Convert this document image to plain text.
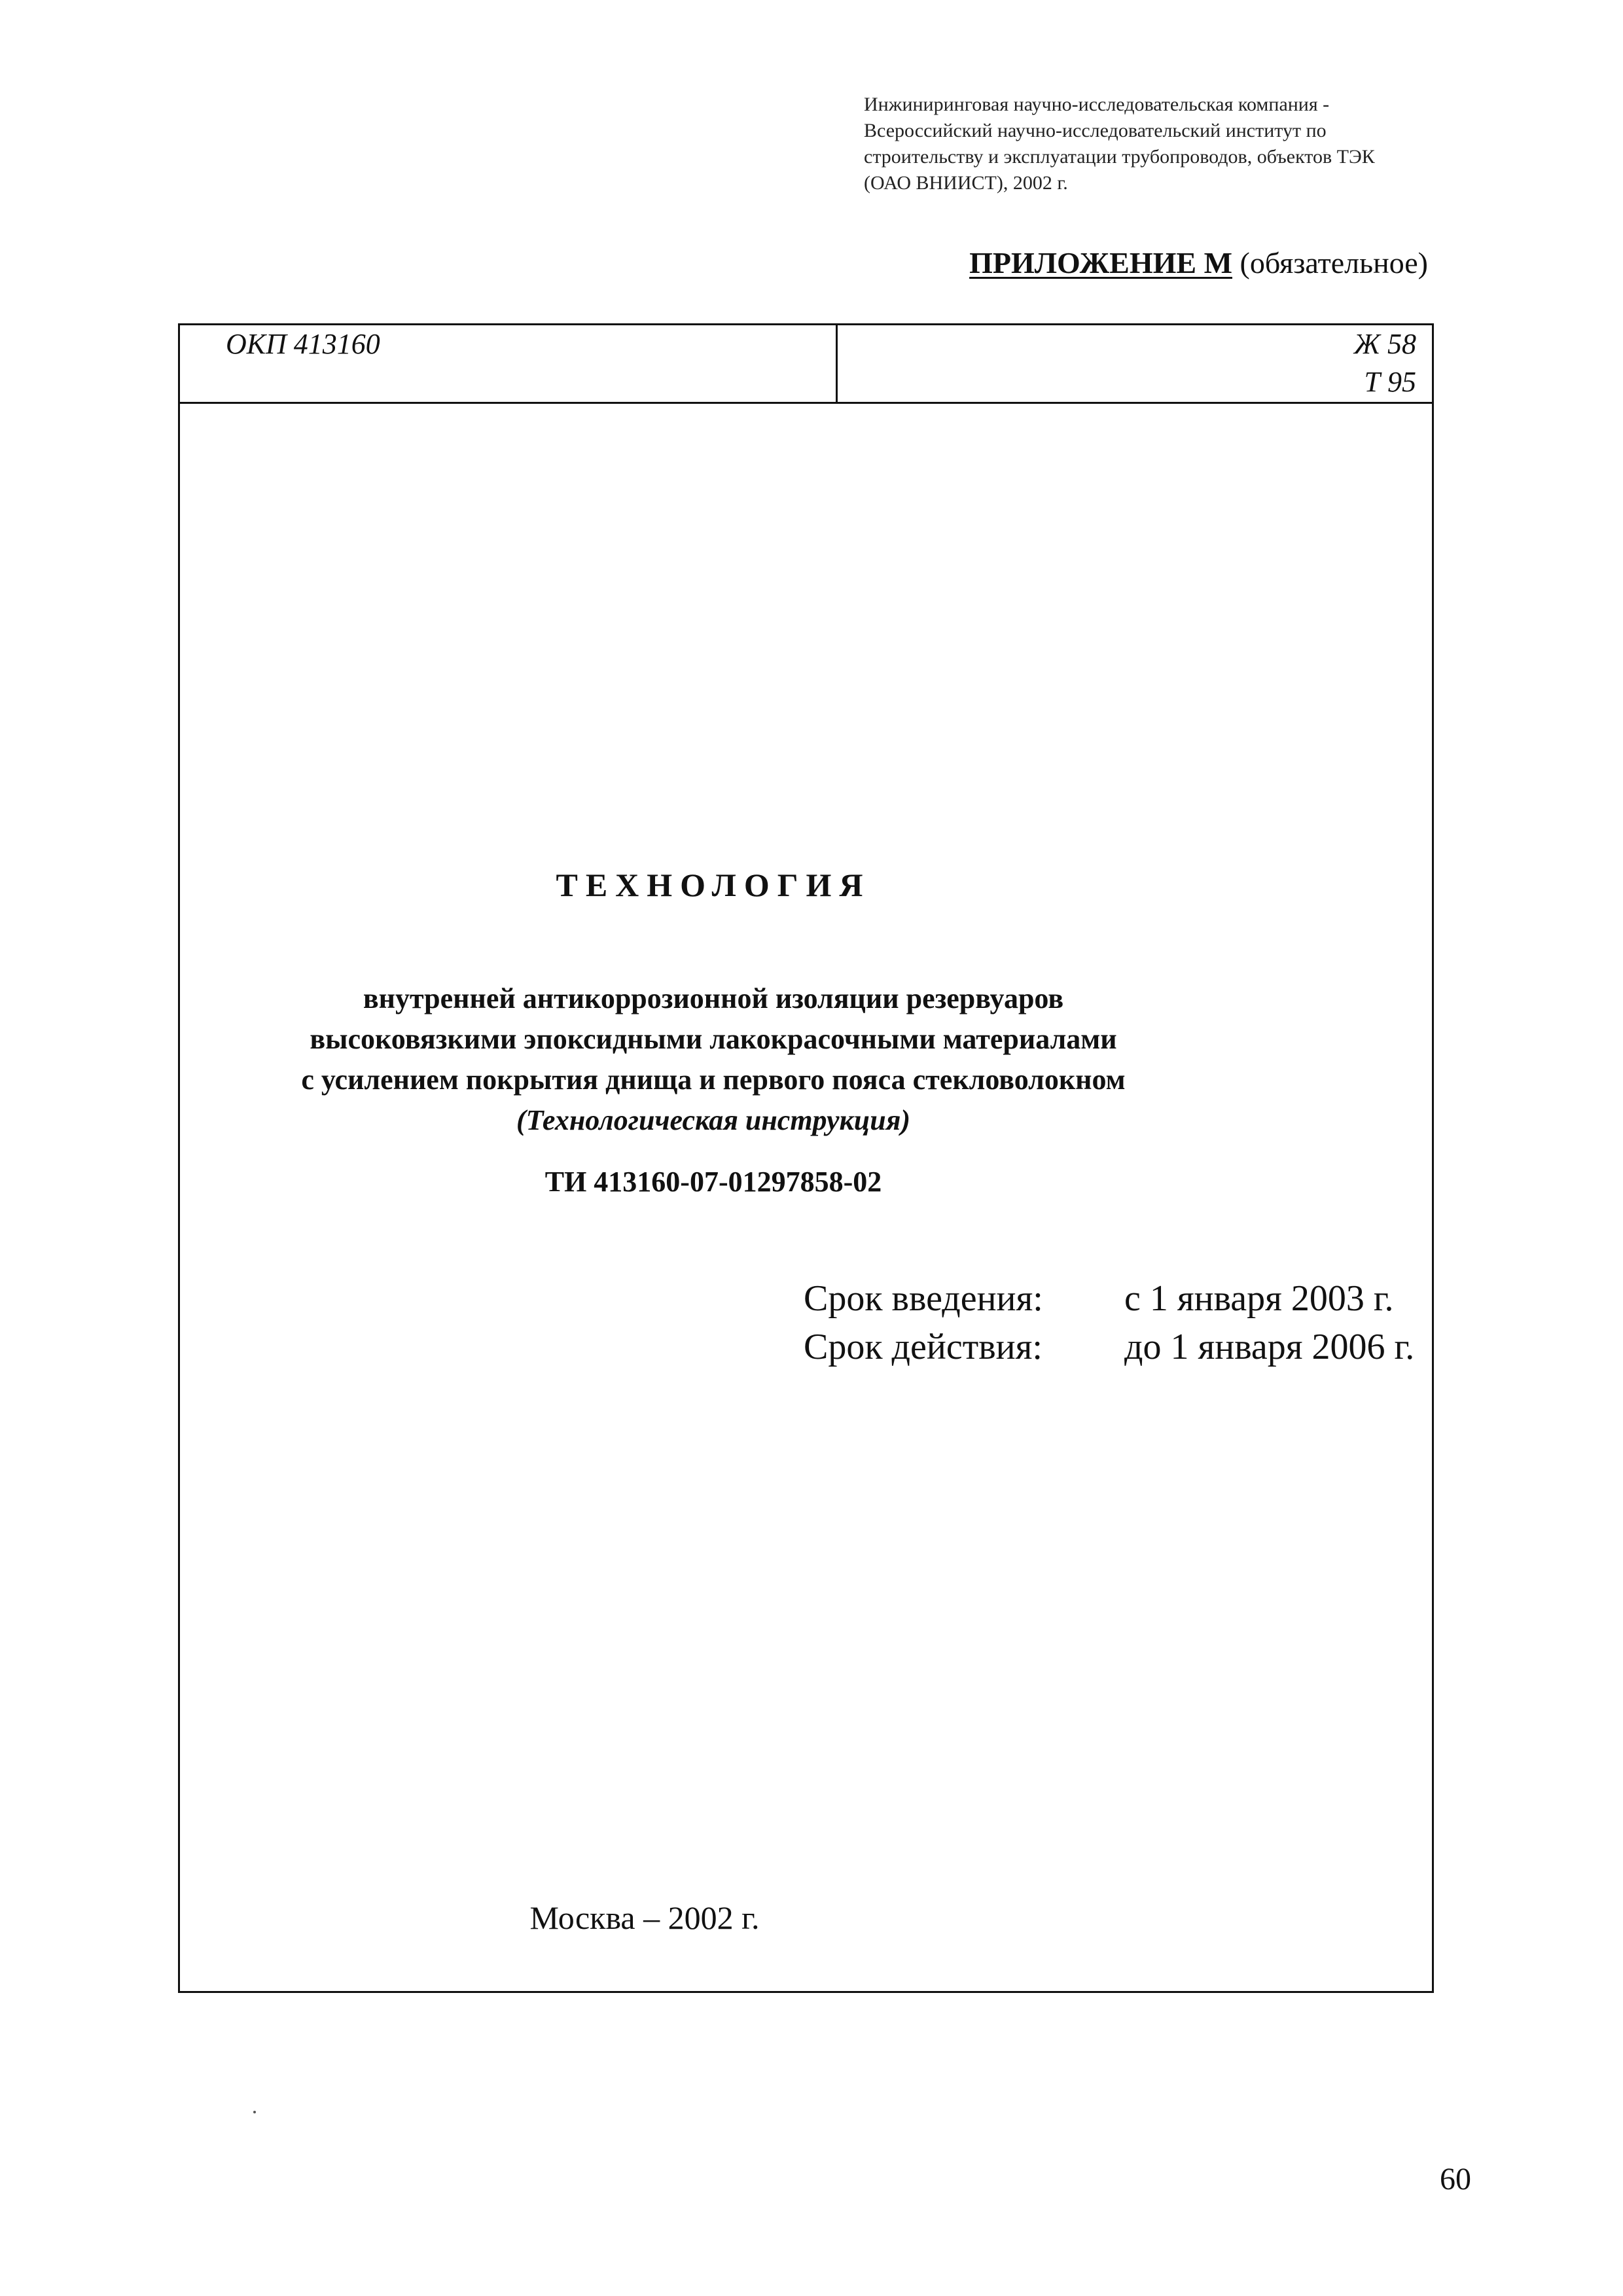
Инжиниринговая научно-исследовательская компания -
Всероссийский научно-исследовательский институт по
строительству и эксплуатации трубопроводов, объектов ТЭК
(ОАО ВНИИСТ), 2002 г.
ПРИЛОЖЕНИЕ М (обязательное)
ОКП 413160	Ж 58
Т 95
ТЕХНОЛОГИЯ
внутренней антикоррозионной изоляции резервуаров
высоковязкими эпоксидными лакокрасочными материалами
с усилением покрытия днища и первого пояса стекловолокном
(Технологическая инструкция)
ТИ 413160-07-01297858-02
Срок введения:	с 1 января 2003 г.
Срок действия:	до 1 января 2006 г.
Москва – 2002 г.
60
